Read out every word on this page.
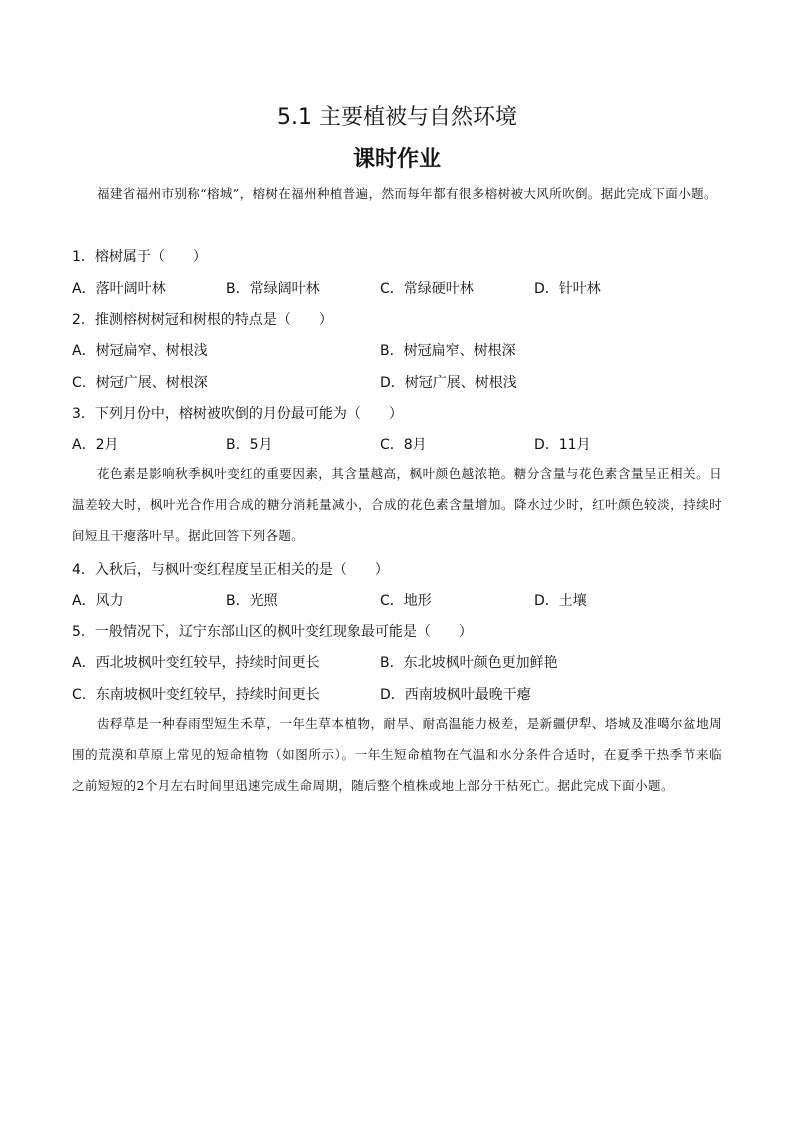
5.1 主要植被与自然环境
课时作业
福建省福州市别称“榕城”，榕树在福州种植普遍，然而每年都有很多榕树被大风所吹倒。据此完成下面小题。
1．榕树属于（　　）
A．落叶阔叶林	B．常绿阔叶林	C．常绿硬叶林	D．针叶林
2．推测榕树树冠和树根的特点是（　　）
A．树冠扁窄、树根浅	B．树冠扁窄、树根深
C．树冠广展、树根深	D．树冠广展、树根浅
3．下列月份中，榕树被吹倒的月份最可能为（　　）
A．2月	B．5月	C．8月	D．11月
花色素是影响秋季枫叶变红的重要因素，其含量越高，枫叶颜色越浓艳。糖分含量与花色素含量呈正相关。日温差较大时，枫叶光合作用合成的糖分消耗量减小，合成的花色素含量增加。降水过少时，红叶颜色较淡，持续时间短且干瘪落叶早。据此回答下列各题。
4．入秋后，与枫叶变红程度呈正相关的是（　　）
A．风力	B．光照	C．地形	D．土壤
5．一般情况下，辽宁东部山区的枫叶变红现象最可能是（　　）
A．西北坡枫叶变红较早，持续时间更长	B．东北坡枫叶颜色更加鲜艳
C．东南坡枫叶变红较早，持续时间更长	D．西南坡枫叶最晚干瘪
齿稃草是一种春雨型短生禾草，一年生草本植物，耐旱、耐高温能力极差，是新疆伊犁、塔城及准噶尔盆地周围的荒漠和草原上常见的短命植物（如图所示）。一年生短命植物在气温和水分条件合适时，在夏季干热季节来临之前短短的2个月左右时间里迅速完成生命周期，随后整个植株或地上部分干枯死亡。据此完成下面小题。
